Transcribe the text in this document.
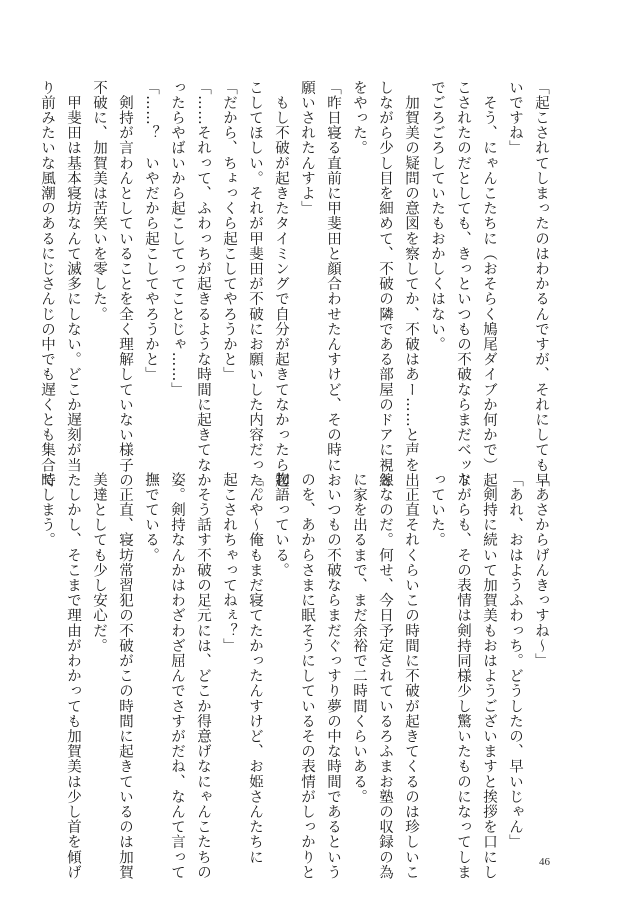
「起こされてしまったのはわかるんですが、それにしても早
いですね」
　そう、にゃんこたちに（おそらく鳩尾ダイブか何かで）起
こされたのだとしても、きっといつもの不破ならまだベッド
でごろごろしていたもおかしくはない。
　加賀美の疑問の意図を察してか、不破はあー……と声を出
しながら少し目を細めて、不破の隣である部屋のドアに視線
をやった。
「昨日寝る直前に甲斐田と顔合わせたんすけど、その時にお
願いされたんすよ」
　もし不破が起きたタイミングで自分が起きてなかったら起
こしてほしい。それが甲斐田が不破にお願いした内容だった。
「だから、ちょっくら起こしてやろうかと」
「……それって、ふわっちが起きるような時間に起きてなか
ったらやばいから起こしてってことじゃ……」
「……？　いやだから起こしてやろうかと」
　剣持が言わんとしていることを全く理解していない様子の
不破に、加賀美は苦笑いを零した。
　甲斐田は基本寝坊なんて滅多にしない。どこか遅刻が当た
り前みたいな風潮のあるにじさんじの中でも遅くとも集合時
「あさからげんきっすね〜」
「あれ、おはようふわっち。どうしたの、早いじゃん」
　剣持に続いて加賀美もおはようございますと挨拶を口にし
ながらも、その表情は剣持同様少し驚いたものになってしま
っていた。
　正直それくらいこの時間に不破が起きてくるのは珍しいこ
となのだ。何せ、今日予定されているろふまお塾の収録の為
に家を出るまで、まだ余裕で二時間くらいある。
　いつもの不破ならまだぐっすり夢の中な時間であるという
のを、あからさまに眠そうにしているその表情がしっかりと
物語っている。
「んや〜俺もまだ寝てたかったんすけど、お姫さんたちに
起こされちゃってねぇ？」
　そう話す不破の足元には、どこか得意げなにゃんこたちの
姿。剣持なんかはわざわざ屈んでさすがだね、なんて言って
撫でている。
　正直、寝坊常習犯の不破がこの時間に起きているのは加賀
美達としても少し安心だ。
　しかし、そこまで理由がわかっても加賀美は少し首を傾げ
てしまう。
46
